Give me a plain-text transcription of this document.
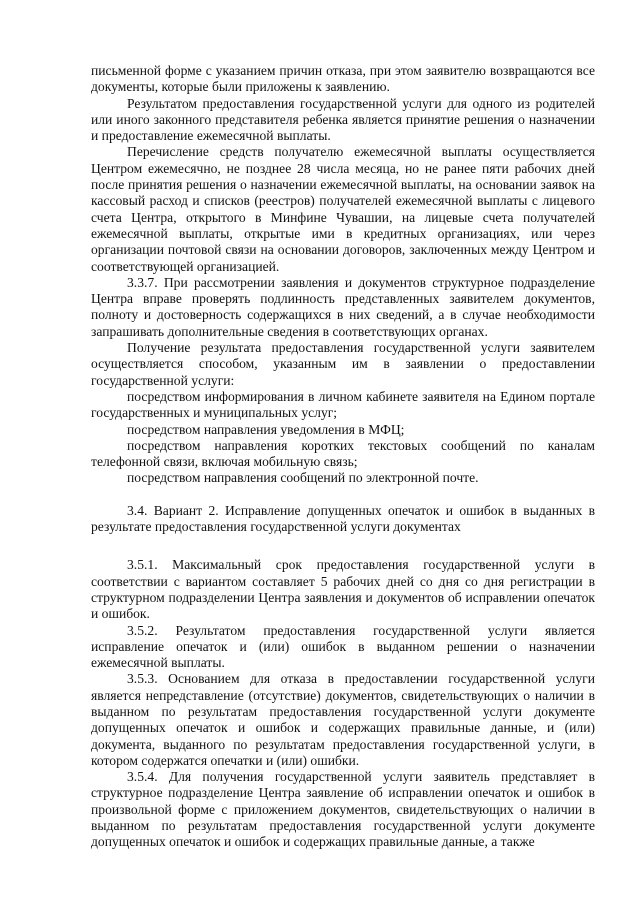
письменной форме с указанием причин отказа, при этом заявителю возвращаются все документы, которые были приложены к заявлению.

Результатом предоставления государственной услуги для одного из родителей или иного законного представителя ребенка является принятие решения о назначении и предоставление ежемесячной выплаты.

Перечисление средств получателю ежемесячной выплаты осуществляется Центром ежемесячно, не позднее 28 числа месяца, но не ранее пяти рабочих дней после принятия решения о назначении ежемесячной выплаты, на основании заявок на кассовый расход и списков (реестров) получателей ежемесячной выплаты с лицевого счета Центра, открытого в Минфине Чувашии, на лицевые счета получателей ежемесячной выплаты, открытые ими в кредитных организациях, или через организации почтовой связи на основании договоров, заключенных между Центром и соответствующей организацией.

3.3.7. При рассмотрении заявления и документов структурное подразделение Центра вправе проверять подлинность представленных заявителем документов, полноту и достоверность содержащихся в них сведений, а в случае необходимости запрашивать дополнительные сведения в соответствующих органах.

Получение результата предоставления государственной услуги заявителем осуществляется способом, указанным им в заявлении о предоставлении государственной услуги:

посредством информирования в личном кабинете заявителя на Едином портале государственных и муниципальных услуг;

посредством направления уведомления в МФЦ;

посредством направления коротких текстовых сообщений по каналам телефонной связи, включая мобильную связь;

посредством направления сообщений по электронной почте.

3.4. Вариант 2. Исправление допущенных опечаток и ошибок в выданных в результате предоставления государственной услуги документах

3.5.1. Максимальный срок предоставления государственной услуги в соответствии с вариантом составляет 5 рабочих дней со дня со дня регистрации в структурном подразделении Центра заявления и документов об исправлении опечаток и ошибок.

3.5.2. Результатом предоставления государственной услуги является исправление опечаток и (или) ошибок в выданном решении о назначении ежемесячной выплаты.

3.5.3. Основанием для отказа в предоставлении государственной услуги является непредставление (отсутствие) документов, свидетельствующих о наличии в выданном по результатам предоставления государственной услуги документе допущенных опечаток и ошибок и содержащих правильные данные, и (или) документа, выданного по результатам предоставления государственной услуги, в котором содержатся опечатки и (или) ошибки.

3.5.4. Для получения государственной услуги заявитель представляет в структурное подразделение Центра заявление об исправлении опечаток и ошибок в произвольной форме с приложением документов, свидетельствующих о наличии в выданном по результатам предоставления государственной услуги документе допущенных опечаток и ошибок и содержащих правильные данные, а также
